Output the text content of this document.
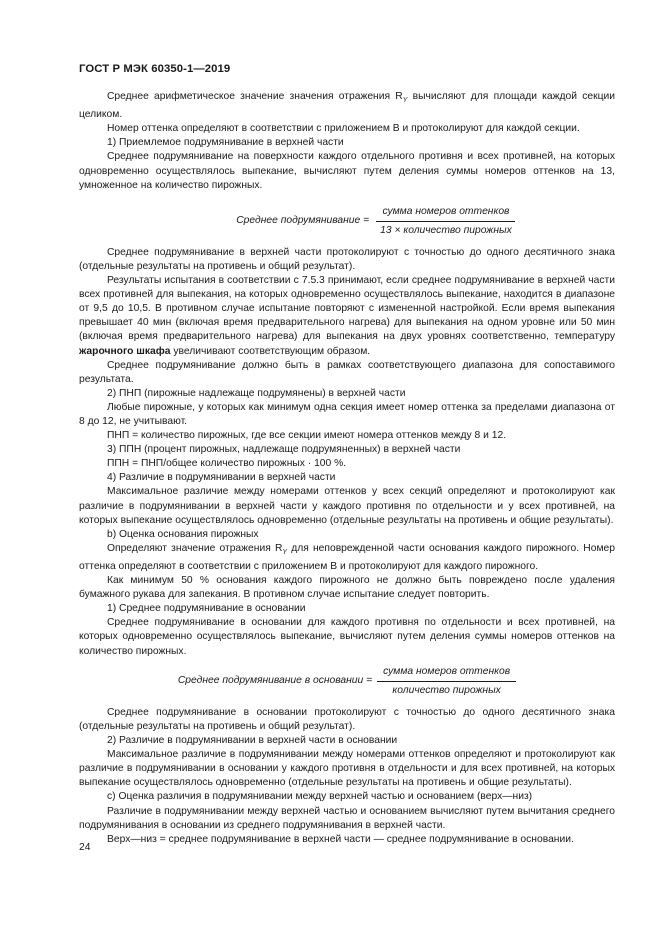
ГОСТ Р МЭК 60350-1—2019

Среднее арифметическое значение значения отражения $R_Y$ вычисляют для площади каждой секции целиком.

Номер оттенка определяют в соответствии с приложением В и протоколируют для каждой секции.

1) Приемлемое подрумянивание в верхней части

Среднее подрумянивание на поверхности каждого отдельного противня и всех противней, на которых одновременно осуществлялось выпекание, вычисляют путем деления суммы номеров оттенков на 13, умноженное на количество пирожных.

Среднее подрумянивание = $\frac{\text{сумма номеров оттенков}}{\text{13 × количество пирожных}}$

Среднее подрумянивание в верхней части протоколируют с точностью до одного десятичного знака (отдельные результаты на противень и общий результат).

Результаты испытания в соответствии с 7.5.3 принимают, если среднее подрумянивание в верхней части всех противней для выпекания, на которых одновременно осуществлялось выпекание, находится в диапазоне от 9,5 до 10,5. В противном случае испытание повторяют с измененной настройкой. Если время выпекания превышает 40 мин (включая время предварительного нагрева) для выпекания на одном уровне или 50 мин (включая время предварительного нагрева) для выпекания на двух уровнях соответственно, температуру жарочного шкафа увеличивают соответствующим образом.

Среднее подрумянивание должно быть в рамках соответствующего диапазона для сопоставимого результата.

2) ПНП (пирожные надлежаще подрумянены) в верхней части

Любые пирожные, у которых как минимум одна секция имеет номер оттенка за пределами диапазона от 8 до 12, не учитывают.

ПНП = количество пирожных, где все секции имеют номера оттенков между 8 и 12.

3) ППН (процент пирожных, надлежаще подрумяненных) в верхней части

ППН = ПНП/общее количество пирожных · 100 %.

4) Различие в подрумянивании в верхней части

Максимальное различие между номерами оттенков у всех секций определяют и протоколируют как различие в подрумянивании в верхней части у каждого противня по отдельности и у всех противней, на которых выпекание осуществлялось одновременно (отдельные результаты на противень и общие результаты).

b) Оценка основания пирожных

Определяют значение отражения $R_Y$ для неповрежденной части основания каждого пирожного. Номер оттенка определяют в соответствии с приложением В и протоколируют для каждого пирожного.

Как минимум 50 % основания каждого пирожного не должно быть повреждено после удаления бумажного рукава для запекания. В противном случае испытание следует повторить.

1) Среднее подрумянивание в основании

Среднее подрумянивание в основании для каждого противня по отдельности и всех противней, на которых одновременно осуществлялось выпекание, вычисляют путем деления суммы номеров оттенков на количество пирожных.

Среднее подрумянивание в основании = $\frac{\text{сумма номеров оттенков}}{\text{количество пирожных}}$

Среднее подрумянивание в основании протоколируют с точностью до одного десятичного знака (отдельные результаты на противень и общий результат).

2) Различие в подрумянивании в верхней части в основании

Максимальное различие в подрумянивании между номерами оттенков определяют и протоколируют как различие в подрумянивании в основании у каждого противня в отдельности и для всех противней, на которых выпекание осуществлялось одновременно (отдельные результаты на противень и общие результаты).

c) Оценка различия в подрумянивании между верхней частью и основанием (верх—низ)

Различие в подрумянивании между верхней частью и основанием вычисляют путем вычитания среднего подрумянивания в основании из среднего подрумянивания в верхней части.

Верх—низ = среднее подрумянивание в верхней части — среднее подрумянивание в основании.

24
